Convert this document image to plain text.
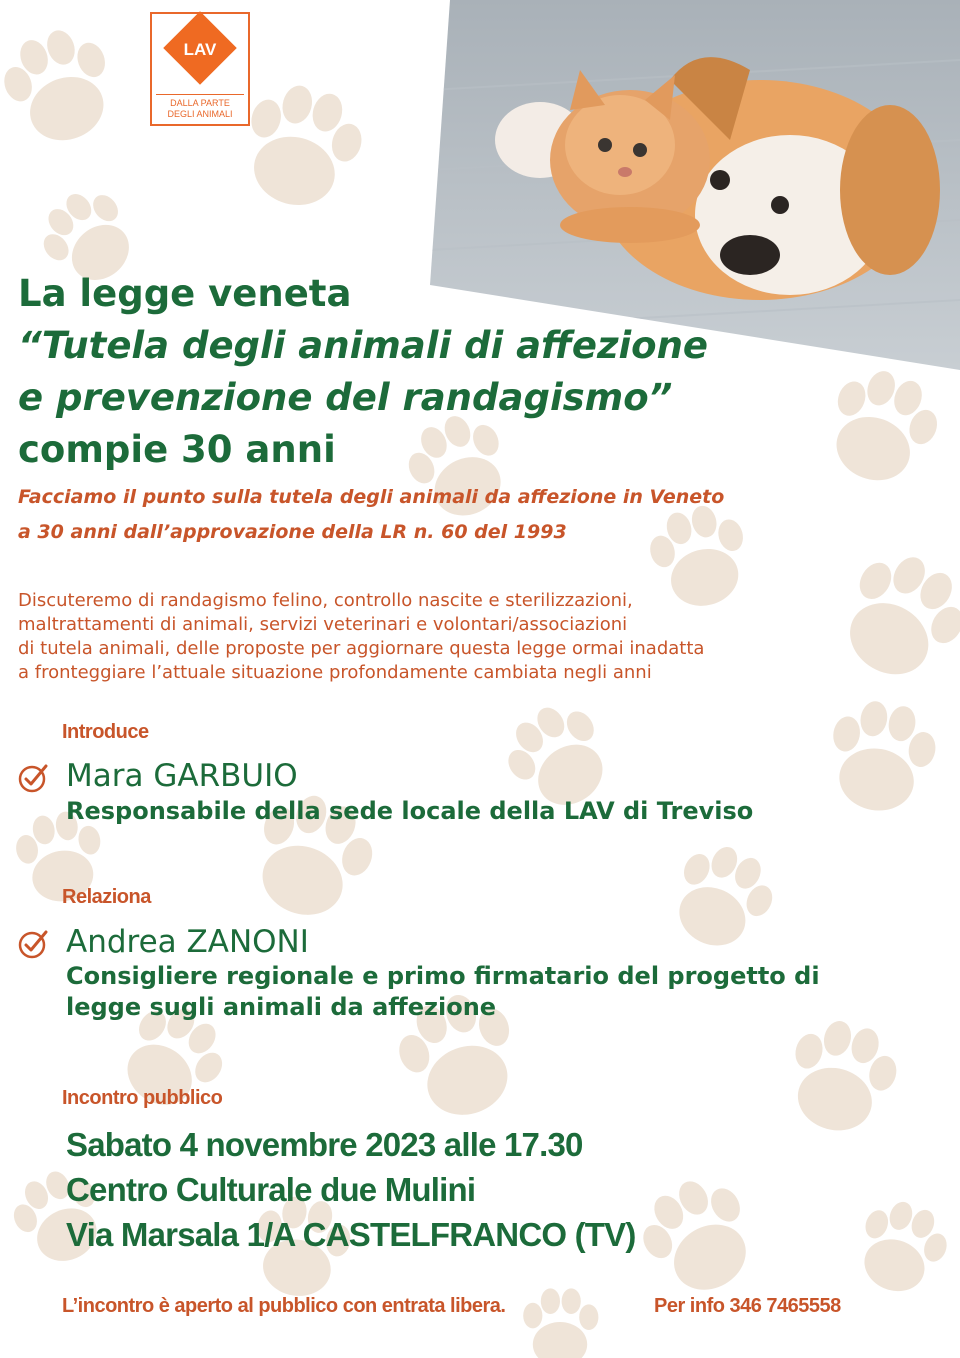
LAV
DALLA PARTE
DEGLI ANIMALI
La legge veneta
“Tutela degli animali di affezione
e prevenzione del randagismo”
compie 30 anni
Facciamo il punto sulla tutela degli animali da affezione in Veneto
a 30 anni dall’approvazione della LR n. 60 del 1993
Discuteremo di randagismo felino, controllo nascite e sterilizzazioni,
maltrattamenti di animali, servizi veterinari e volontari/associazioni
di tutela animali, delle proposte per aggiornare questa legge ormai inadatta
a fronteggiare l’attuale situazione profondamente cambiata negli anni
Introduce
Mara GARBUIO
Responsabile della sede locale della LAV di Treviso
Relaziona
Andrea ZANONI
Consigliere regionale e primo firmatario del progetto di
legge sugli animali da affezione
Incontro pubblico
Sabato 4 novembre 2023 alle 17.30
Centro Culturale due Mulini
Via Marsala 1/A CASTELFRANCO (TV)
L’incontro è aperto al pubblico con entrata libera.	Per info 346 7465558
